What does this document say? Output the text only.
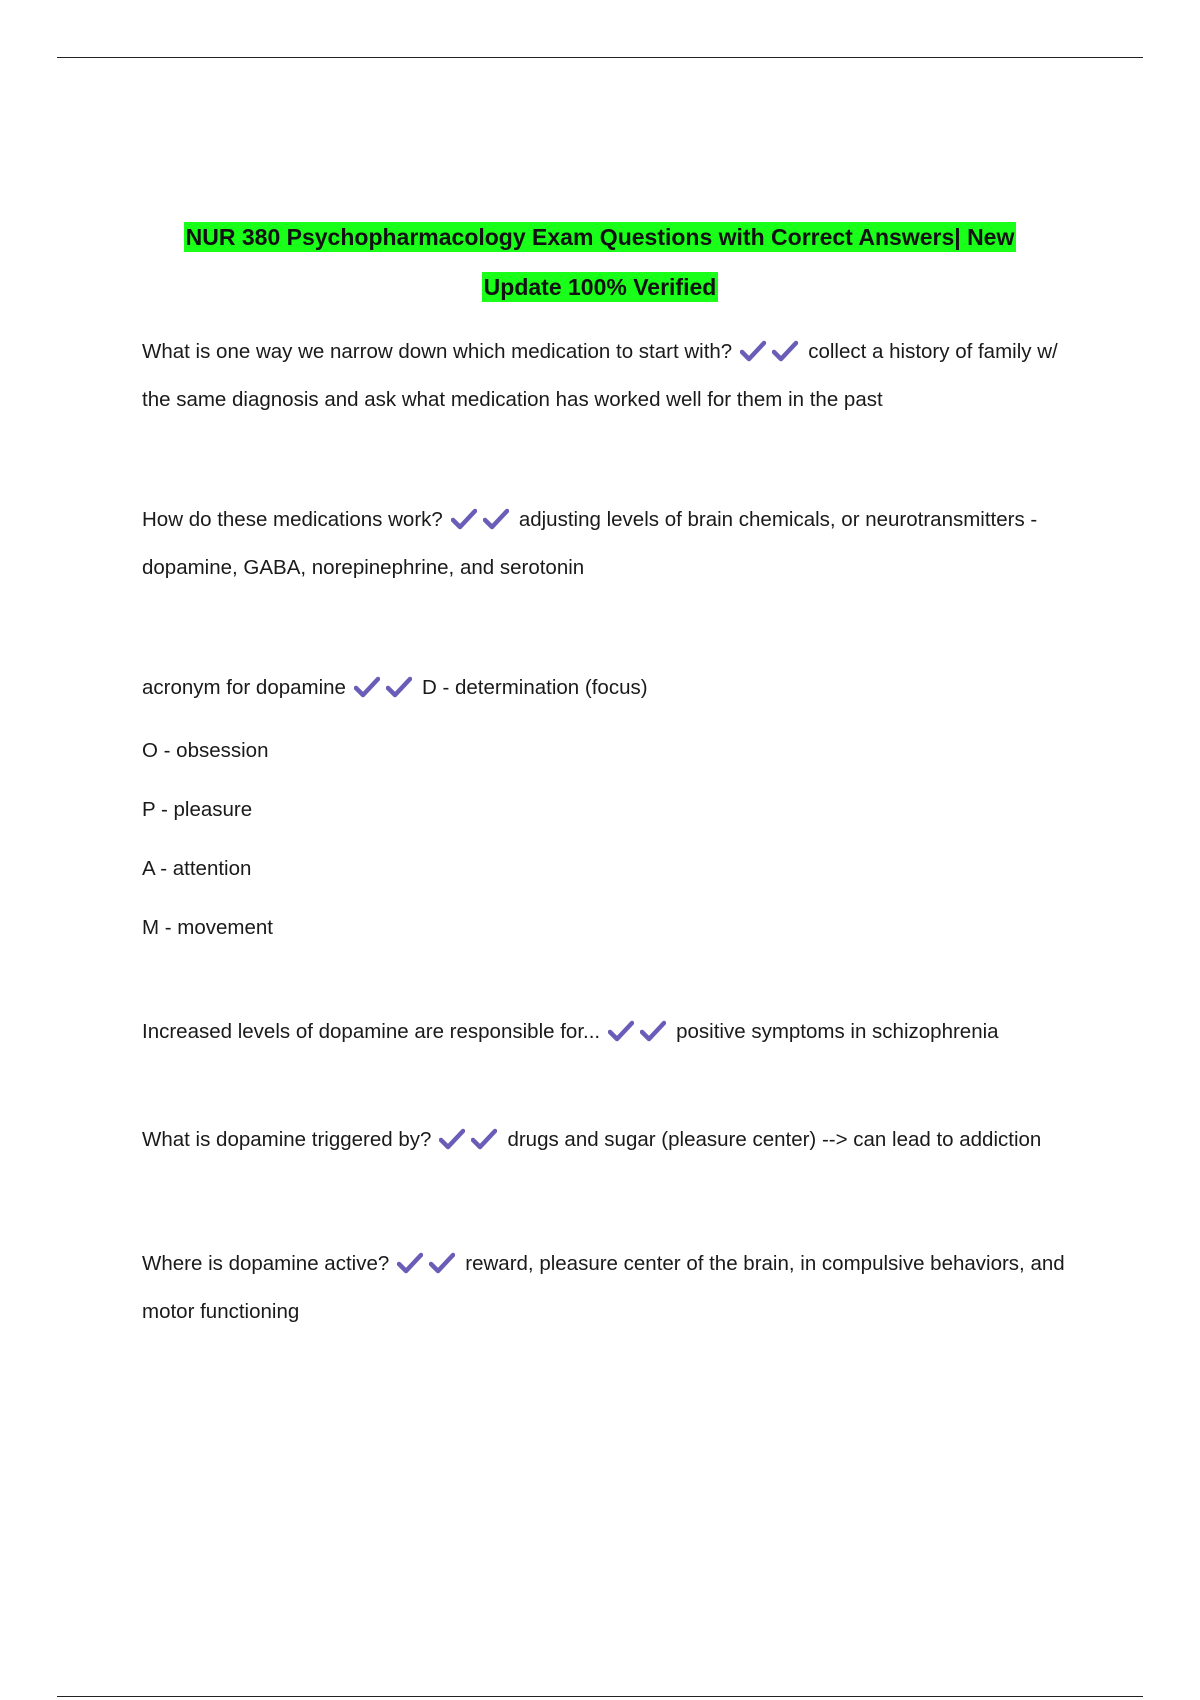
NUR 380 Psychopharmacology Exam Questions with Correct Answers| New
Update 100% Verified

What is one way we narrow down which medication to start with?	collect a history of family w/ the same diagnosis and ask what medication has worked well for them in the past

How do these medications work?	adjusting levels of brain chemicals, or neurotransmitters - dopamine, GABA, norepinephrine, and serotonin

acronym for dopamine	D - determination (focus)

O - obsession

P - pleasure

A - attention

M - movement

Increased levels of dopamine are responsible for...	positive symptoms in schizophrenia

What is dopamine triggered by?	drugs and sugar (pleasure center) --> can lead to addiction

Where is dopamine active?	reward, pleasure center of the brain, in compulsive behaviors, and motor functioning
